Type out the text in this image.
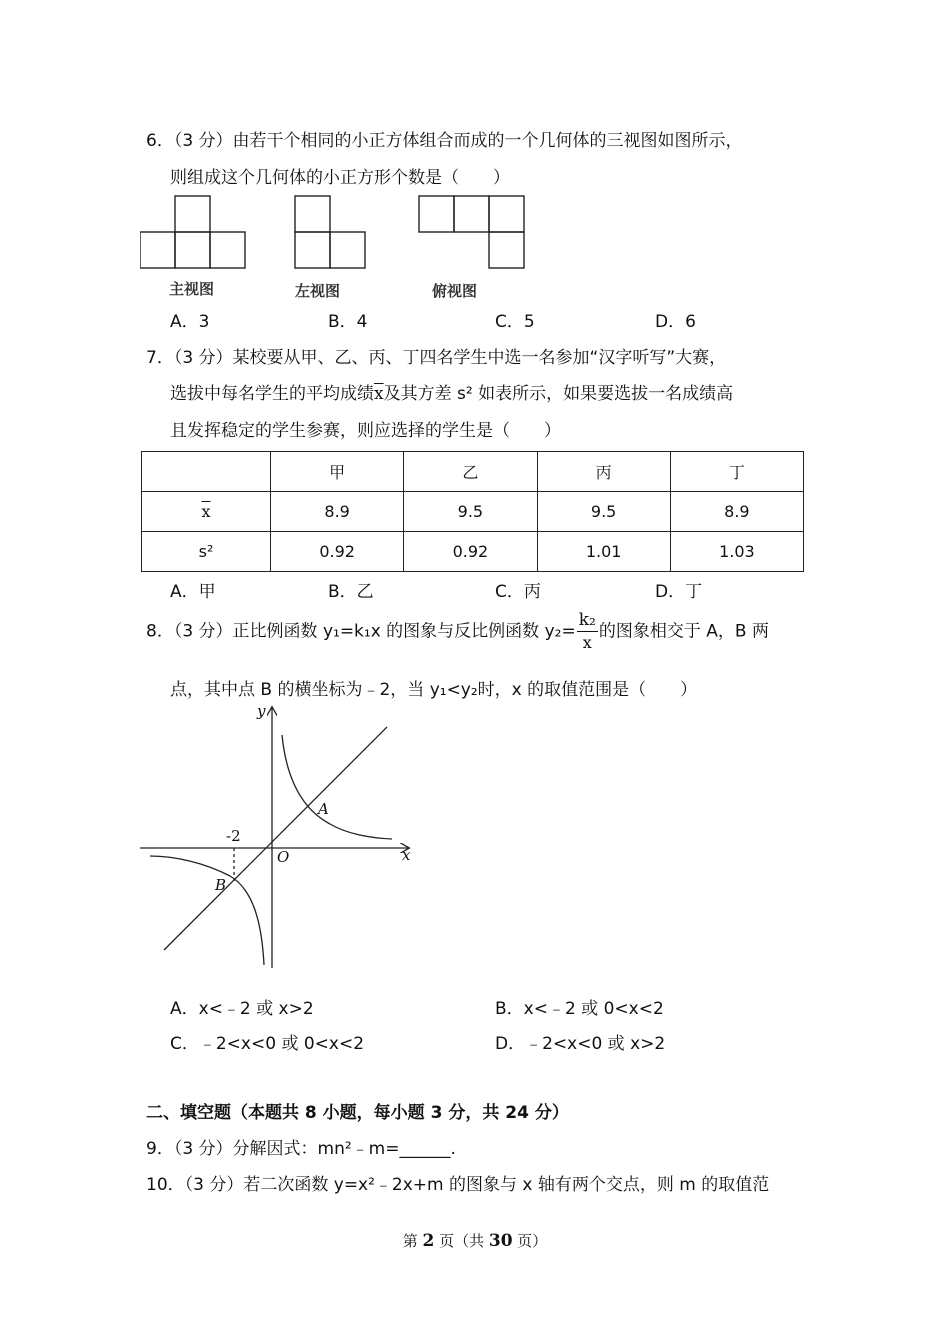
6．（3 分）由若干个相同的小正方体组合而成的一个几何体的三视图如图所示，
则组成这个几何体的小正方形个数是（　　）
主视图	左视图	俯视图
A．3	B．4	C．5	D．6
7．（3 分）某校要从甲、乙、丙、丁四名学生中选一名参加“汉字听写”大赛，
选拔中每名学生的平均成绩$\overline{x}$及其方差 s² 如表所示，如果要选拔一名成绩高
且发挥稳定的学生参赛，则应选择的学生是（　　）
	甲	乙	丙	丁
$\overline{x}$	8.9	9.5	9.5	8.9
s²	0.92	0.92	1.01	1.03
A．甲	B．乙	C．丙	D．丁
8．（3 分）正比例函数 y₁=k₁x 的图象与反比例函数 $y_2= \frac{\text{k₂}}{x}$ 的图象相交于 A，B 两
点，其中点 B 的横坐标为﹣2，当 y₁<y₂时，x 的取值范围是（　　）
y
x
O
A
B
-2
A．x<﹣2 或 x>2	B．x<﹣2 或 0<x<2
C．﹣2<x<0 或 0<x<2	D．﹣2<x<0 或 x>2
二、填空题（本题共 8 小题，每小题 3 分，共 24 分）
9．（3 分）分解因式：mn²﹣m=______.
10．（3 分）若二次函数 y=x²﹣2x+m 的图象与 x 轴有两个交点，则 m 的取值范
第 2 页（共 30 页）
